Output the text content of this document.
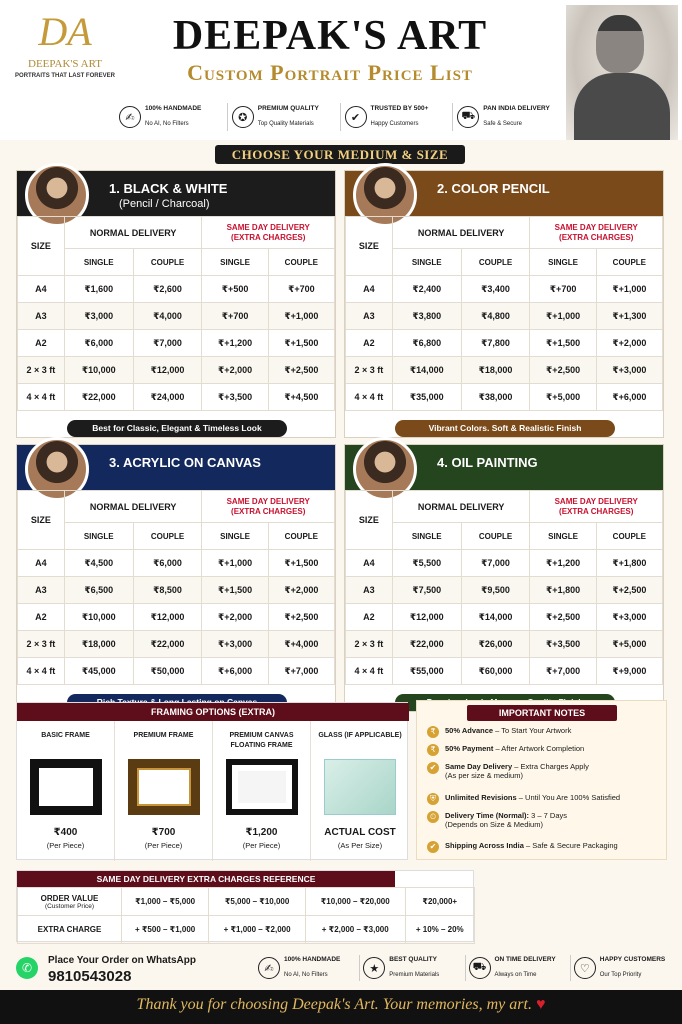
DA
DEEPAK'S ART
PORTRAITS THAT LAST FOREVER
DEEPAK'S ART
Custom Portrait Price List
✍
100% HANDMADE
No AI, No Filters	✪
PREMIUM QUALITY
Top Quality Materials	✔
TRUSTED BY 500+
Happy Customers
⛟
PAN INDIA DELIVERY
Safe & Secure
CHOOSE YOUR MEDIUM & SIZE
1. BLACK & WHITE
(Pencil / Charcoal)
SIZE	NORMAL DELIVERY		SAME DAY DELIVERY
(EXTRA CHARGES)	
	SINGLE	COUPLE	SINGLE	COUPLE
A4	₹1,600	₹2,600	₹+500	₹+700
A3	₹3,000	₹4,000	₹+700	₹+1,000
A2	₹6,000	₹7,000	₹+1,200	₹+1,500
2 × 3 ft	₹10,000	₹12,000	₹+2,000	₹+2,500
4 × 4 ft	₹22,000	₹24,000	₹+3,500	₹+4,500
Best for Classic, Elegant & Timeless Look
2. COLOR PENCIL
SIZE	NORMAL DELIVERY		SAME DAY DELIVERY
(EXTRA CHARGES)	
	SINGLE	COUPLE	SINGLE	COUPLE
A4	₹2,400	₹3,400	₹+700	₹+1,000
A3	₹3,800	₹4,800	₹+1,000	₹+1,300
A2	₹6,800	₹7,800	₹+1,500	₹+2,000
2 × 3 ft	₹14,000	₹18,000	₹+2,500	₹+3,000
4 × 4 ft	₹35,000	₹38,000	₹+5,000	₹+6,000
Vibrant Colors. Soft & Realistic Finish
3. ACRYLIC ON CANVAS
SIZE	NORMAL DELIVERY		SAME DAY DELIVERY
(EXTRA CHARGES)	
	SINGLE	COUPLE	SINGLE	COUPLE
A4	₹4,500	₹6,000	₹+1,000	₹+1,500
A3	₹6,500	₹8,500	₹+1,500	₹+2,000
A2	₹10,000	₹12,000	₹+2,000	₹+2,500
2 × 3 ft	₹18,000	₹22,000	₹+3,000	₹+4,000
4 × 4 ft	₹45,000	₹50,000	₹+6,000	₹+7,000
4. OIL PAINTING
SIZE	NORMAL DELIVERY		SAME DAY DELIVERY
(EXTRA CHARGES)	
	SINGLE	COUPLE	SINGLE	COUPLE
A4	₹5,500	₹7,000	₹+1,200	₹+1,800
A3	₹7,500	₹9,500	₹+1,800	₹+2,500
A2	₹12,000	₹14,000	₹+2,500	₹+3,000
2 × 3 ft	₹22,000	₹26,000	₹+3,500	₹+5,000
4 × 4 ft	₹55,000	₹60,000	₹+7,000	₹+9,000
FRAMING OPTIONS (EXTRA)
BASIC FRAME
₹400
(Per Piece)
PREMIUM FRAME
₹700
(Per Piece)
PREMIUM CANVAS FLOATING FRAME
₹1,200
(Per Piece)
GLASS (IF APPLICABLE)
ACTUAL COST
(As Per Size)
IMPORTANT NOTES
₹	50% Advance – To Start Your Artwork
₹	50% Payment – After Artwork Completion
✔	Same Day Delivery – Extra Charges Apply
(As per size & medium)
⛨	Unlimited Revisions – Until You Are 100% Satisfied
⏲	Delivery Time (Normal): 3 – 7 Days
(Depends on Size & Medium)
✔	Shipping Across India – Safe & Secure Packaging
SAME DAY DELIVERY EXTRA CHARGES REFERENCE
ORDER VALUE
(Customer Price)	₹1,000 – ₹5,000	₹5,000 – ₹10,000	₹10,000 – ₹20,000	₹20,000+
EXTRA CHARGE	+ ₹500 – ₹1,000	+ ₹1,000 – ₹2,000	+ ₹2,000 – ₹3,000	+ 10% – 20%
✆
Place Your Order on WhatsApp
9810543028	✍
100% HANDMADE
No AI, No Filters	★
BEST QUALITY
Premium Materials
⛟
ON TIME DELIVERY
Always on Time	♡
HAPPY CUSTOMERS
Our Top Priority
Thank you for choosing Deepak's Art. Your memories, my art. ♥
